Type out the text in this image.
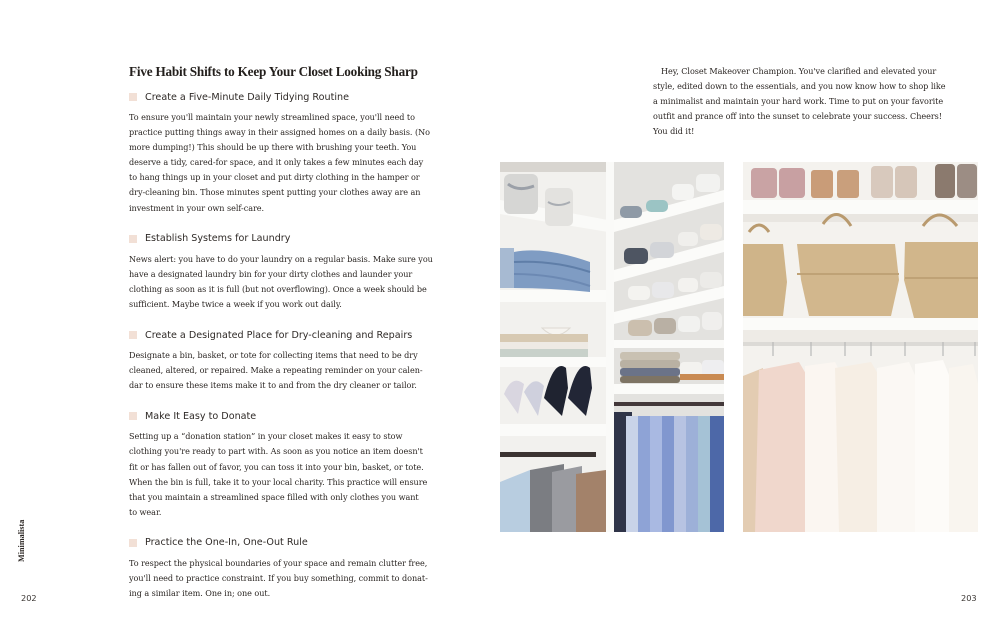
Five Habit Shifts to Keep Your Closet Looking Sharp
Create a Five-Minute Daily Tidying Routine

To ensure you'll maintain your newly streamlined space, you'll need to
practice putting things away in their assigned homes on a daily basis. (No
more dumping!) This should be up there with brushing your teeth. You
deserve a tidy, cared-for space, and it only takes a few minutes each day
to hang things up in your closet and put dirty clothing in the hamper or
dry-cleaning bin. Those minutes spent putting your clothes away are an
investment in your own self-care.

Establish Systems for Laundry

News alert: you have to do your laundry on a regular basis. Make sure you
have a designated laundry bin for your dirty clothes and launder your
clothing as soon as it is full (but not overflowing). Once a week should be
sufficient. Maybe twice a week if you work out daily.

Create a Designated Place for Dry-cleaning and Repairs

Designate a bin, basket, or tote for collecting items that need to be dry
cleaned, altered, or repaired. Make a repeating reminder on your calen-
dar to ensure these items make it to and from the dry cleaner or tailor.

Make It Easy to Donate

Setting up a “donation station” in your closet makes it easy to stow
clothing you're ready to part with. As soon as you notice an item doesn't
fit or has fallen out of favor, you can toss it into your bin, basket, or tote.
When the bin is full, take it to your local charity. This practice will ensure
that you maintain a streamlined space filled with only clothes you want
to wear.

Practice the One-In, One-Out Rule

To respect the physical boundaries of your space and remain clutter free,
you'll need to practice constraint. If you buy something, commit to donat-
ing a similar item. One in; one out.

Minimalista
202

 Hey, Closet Makeover Champion. You've clarified and elevated your
style, edited down to the essentials, and you now know how to shop like
a minimalist and maintain your hard work. Time to put on your favorite
outfit and prance off into the sunset to celebrate your success. Cheers!
You did it!

203
